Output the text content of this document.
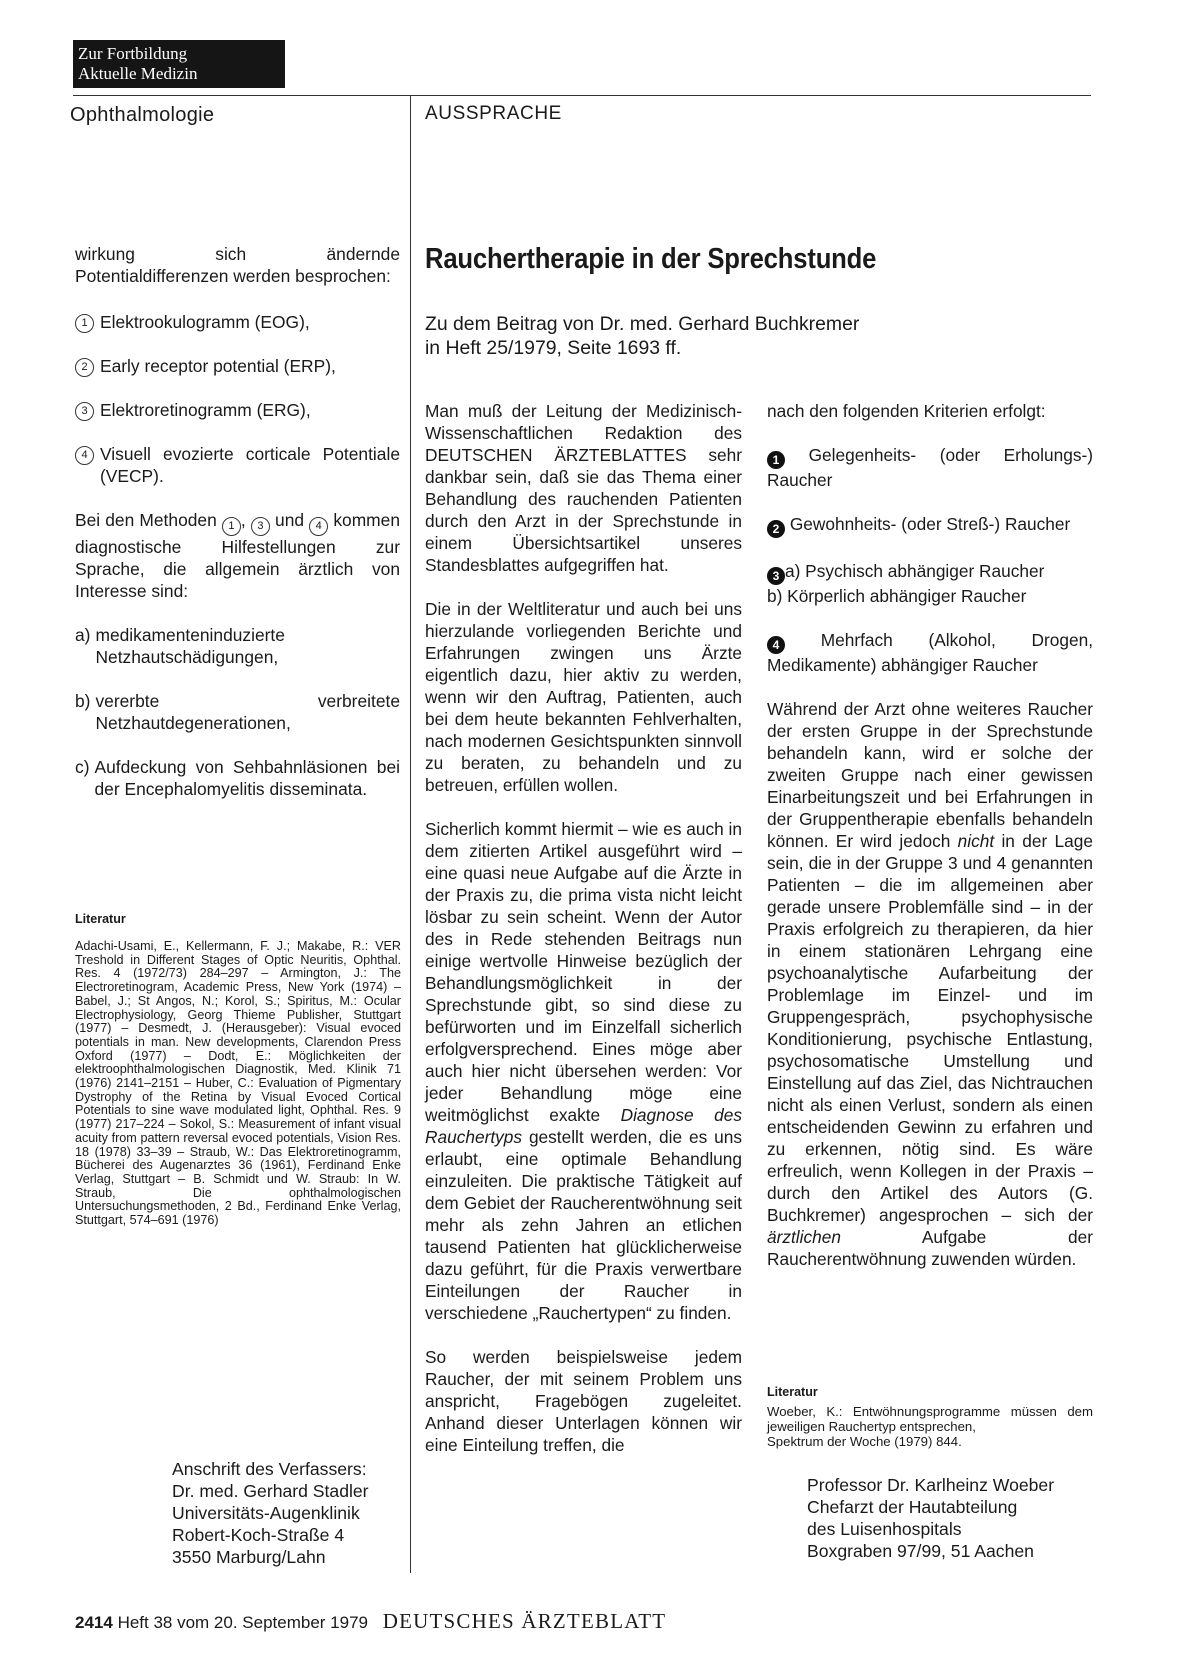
Zur Fortbildung
Aktuelle Medizin
Ophthalmologie	AUSSPRACHE

wirkung sich ändernde Potentialdifferenzen werden besprochen:

1 Elektrookulogramm (EOG),
2 Early receptor potential (ERP),
3 Elektroretinogramm (ERG),
4 Visuell evozierte corticale Potentiale (VECP).

Bei den Methoden 1 , 3 und 4 kommen diagnostische Hilfestellungen zur Sprache, die allgemein ärztlich von Interesse sind:

a) medikamenteninduzierte Netzhautschädigungen,
b) vererbte verbreitete Netzhautdegenerationen,
c) Aufdeckung von Sehbahnläsionen bei der Encephalomyelitis disseminata.
Literatur
Adachi-Usami, E., Kellermann, F. J.; Makabe, R.: VER Treshold in Different Stages of Optic Neuritis, Ophthal. Res. 4 (1972/73) 284–297 – Armington, J.: The Electroretinogram, Academic Press, New York (1974) – Babel, J.; St Angos, N.; Korol, S.; Spiritus, M.: Ocular Electrophysiology, Georg Thieme Publisher, Stuttgart (1977) – Desmedt, J. (Herausgeber): Visual evoced potentials in man. New developments, Clarendon Press Oxford (1977) – Dodt, E.: Möglichkeiten der elektroophthalmologischen Diagnostik, Med. Klinik 71 (1976) 2141–2151 – Huber, C.: Evaluation of Pigmentary Dystrophy of the Retina by Visual Evoced Cortical Potentials to sine wave modulated light, Ophthal. Res. 9 (1977) 217–224 – Sokol, S.: Measurement of infant visual acuity from pattern reversal evoced potentials, Vision Res. 18 (1978) 33–39 – Straub, W.: Das Elektroretinogramm, Bücherei des Augenarztes 36 (1961), Ferdinand Enke Verlag, Stuttgart – B. Schmidt und W. Straub: In W. Straub, Die ophthalmologischen Untersuchungsmethoden, 2 Bd., Ferdinand Enke Verlag, Stuttgart, 574–691 (1976)
Anschrift des Verfassers:
Dr. med. Gerhard Stadler
Universitäts-Augenklinik
Robert-Koch-Straße 4
3550 Marburg/Lahn
Rauchertherapie in der Sprechstunde
Zu dem Beitrag von Dr. med. Gerhard Buchkremer
in Heft 25/1979, Seite 1693 ff.

Man muß der Leitung der Medizinisch-Wissenschaftlichen Redaktion des DEUTSCHEN ÄRZTEBLATTES sehr dankbar sein, daß sie das Thema einer Behandlung des rauchenden Patienten durch den Arzt in der Sprechstunde in einem Übersichtsartikel unseres Standesblattes aufgegriffen hat.

Die in der Weltliteratur und auch bei uns hierzulande vorliegenden Berichte und Erfahrungen zwingen uns Ärzte eigentlich dazu, hier aktiv zu werden, wenn wir den Auftrag, Patienten, auch bei dem heute bekannten Fehlverhalten, nach modernen Gesichtspunkten sinnvoll zu beraten, zu behandeln und zu betreuen, erfüllen wollen.

Sicherlich kommt hiermit – wie es auch in dem zitierten Artikel ausgeführt wird – eine quasi neue Aufgabe auf die Ärzte in der Praxis zu, die prima vista nicht leicht lösbar zu sein scheint. Wenn der Autor des in Rede stehenden Beitrags nun einige wertvolle Hinweise bezüglich der Behandlungsmöglichkeit in der Sprechstunde gibt, so sind diese zu befürworten und im Einzelfall sicherlich erfolgversprechend. Eines möge aber auch hier nicht übersehen werden: Vor jeder Behandlung möge eine weitmöglichst exakte Diagnose des Rauchertyps gestellt werden, die es uns erlaubt, eine optimale Behandlung einzuleiten. Die praktische Tätigkeit auf dem Gebiet der Raucherentwöhnung seit mehr als zehn Jahren an etlichen tausend Patienten hat glücklicherweise dazu geführt, für die Praxis verwertbare Einteilungen der Raucher in verschiedene „Rauchertypen“ zu finden.

So werden beispielsweise jedem Raucher, der mit seinem Problem uns anspricht, Fragebögen zugeleitet. Anhand dieser Unterlagen können wir eine Einteilung treffen, die

nach den folgenden Kriterien erfolgt:

1 Gelegenheits- (oder Erholungs-) Raucher

2 Gewohnheits- (oder Streß-) Raucher

3 a) Psychisch abhängiger Raucher
b) Körperlich abhängiger Raucher

4 Mehrfach (Alkohol, Drogen, Medikamente) abhängiger Raucher

Während der Arzt ohne weiteres Raucher der ersten Gruppe in der Sprechstunde behandeln kann, wird er solche der zweiten Gruppe nach einer gewissen Einarbeitungszeit und bei Erfahrungen in der Gruppentherapie ebenfalls behandeln können. Er wird jedoch nicht in der Lage sein, die in der Gruppe 3 und 4 genannten Patienten – die im allgemeinen aber gerade unsere Problemfälle sind – in der Praxis erfolgreich zu therapieren, da hier in einem stationären Lehrgang eine psychoanalytische Aufarbeitung der Problemlage im Einzel- und im Gruppengespräch, psychophysische Konditionierung, psychische Entlastung, psychosomatische Umstellung und Einstellung auf das Ziel, das Nichtrauchen nicht als einen Verlust, sondern als einen entscheidenden Gewinn zu erfahren und zu erkennen, nötig sind. Es wäre erfreulich, wenn Kollegen in der Praxis – durch den Artikel des Autors (G. Buchkremer) angesprochen – sich der ärztlichen	Aufgabe der Raucherentwöhnung zuwenden würden.

Literatur
Woeber, K.: Entwöhnungsprogramme müssen dem jeweiligen Rauchertyp entsprechen,
Spektrum der Woche (1979) 844.
Professor Dr. Karlheinz Woeber
Chefarzt der Hautabteilung
des Luisenhospitals
Boxgraben 97/99, 51 Aachen
2414 Heft 38 vom 20. September 1979 DEUTSCHES ÄRZTEBLATT
